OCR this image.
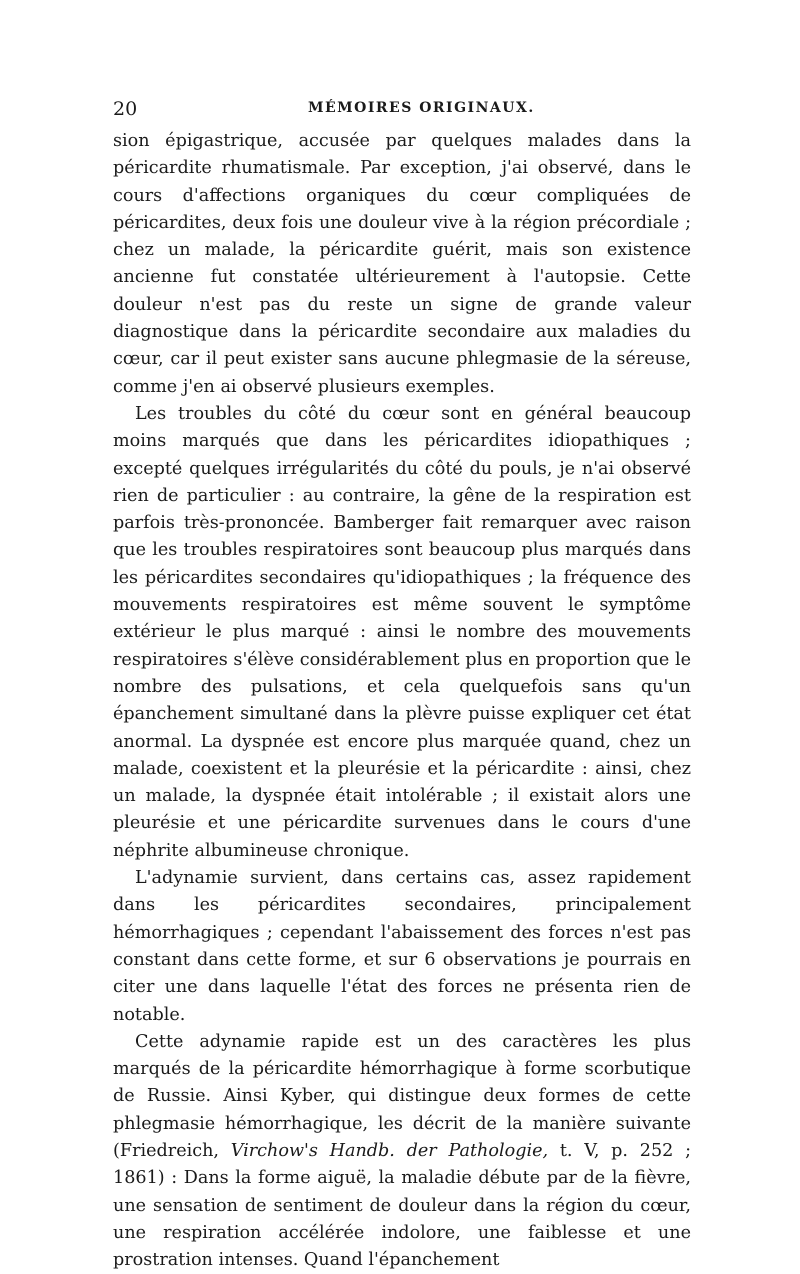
20	MÉMOIRES ORIGINAUX.

sion épigastrique, accusée par quelques malades dans la péricardite rhumatismale. Par exception, j'ai observé, dans le cours d'affections organiques du cœur compliquées de péricardites, deux fois une douleur vive à la région précordiale ; chez un malade, la péricardite guérit, mais son existence ancienne fut constatée ultérieurement à l'autopsie. Cette douleur n'est pas du reste un signe de grande valeur diagnostique dans la péricardite secondaire aux maladies du cœur, car il peut exister sans aucune phlegmasie de la séreuse, comme j'en ai observé plusieurs exemples.

Les troubles du côté du cœur sont en général beaucoup moins marqués que dans les péricardites idiopathiques ; excepté quelques irrégularités du côté du pouls, je n'ai observé rien de particulier : au contraire, la gêne de la respiration est parfois très-prononcée. Bamberger fait remarquer avec raison que les troubles respiratoires sont beaucoup plus marqués dans les péricardites secondaires qu'idiopathiques ; la fréquence des mouvements respiratoires est même souvent le symptôme extérieur le plus marqué : ainsi le nombre des mouvements respiratoires s'élève considérablement plus en proportion que le nombre des pulsations, et cela quelquefois sans qu'un épanchement simultané dans la plèvre puisse expliquer cet état anormal. La dyspnée est encore plus marquée quand, chez un malade, coexistent et la pleurésie et la péricardite : ainsi, chez un malade, la dyspnée était intolérable ; il existait alors une pleurésie et une péricardite survenues dans le cours d'une néphrite albumineuse chronique.

L'adynamie survient, dans certains cas, assez rapidement dans les péricardites secondaires, principalement hémorrhagiques ; cependant l'abaissement des forces n'est pas constant dans cette forme, et sur 6 observations je pourrais en citer une dans laquelle l'état des forces ne présenta rien de notable.

Cette adynamie rapide est un des caractères les plus marqués de la péricardite hémorrhagique à forme scorbutique de Russie. Ainsi Kyber, qui distingue deux formes de cette phlegmasie hémorrhagique, les décrit de la manière suivante (Friedreich, Virchow's Handb. der Pathologie, t. V, p. 252 ; 1861) : Dans la forme aiguë, la maladie débute par de la fièvre, une sensation de sentiment de douleur dans la région du cœur, une respiration accélérée indolore, une faiblesse et une prostration intenses. Quand l'épanchement
